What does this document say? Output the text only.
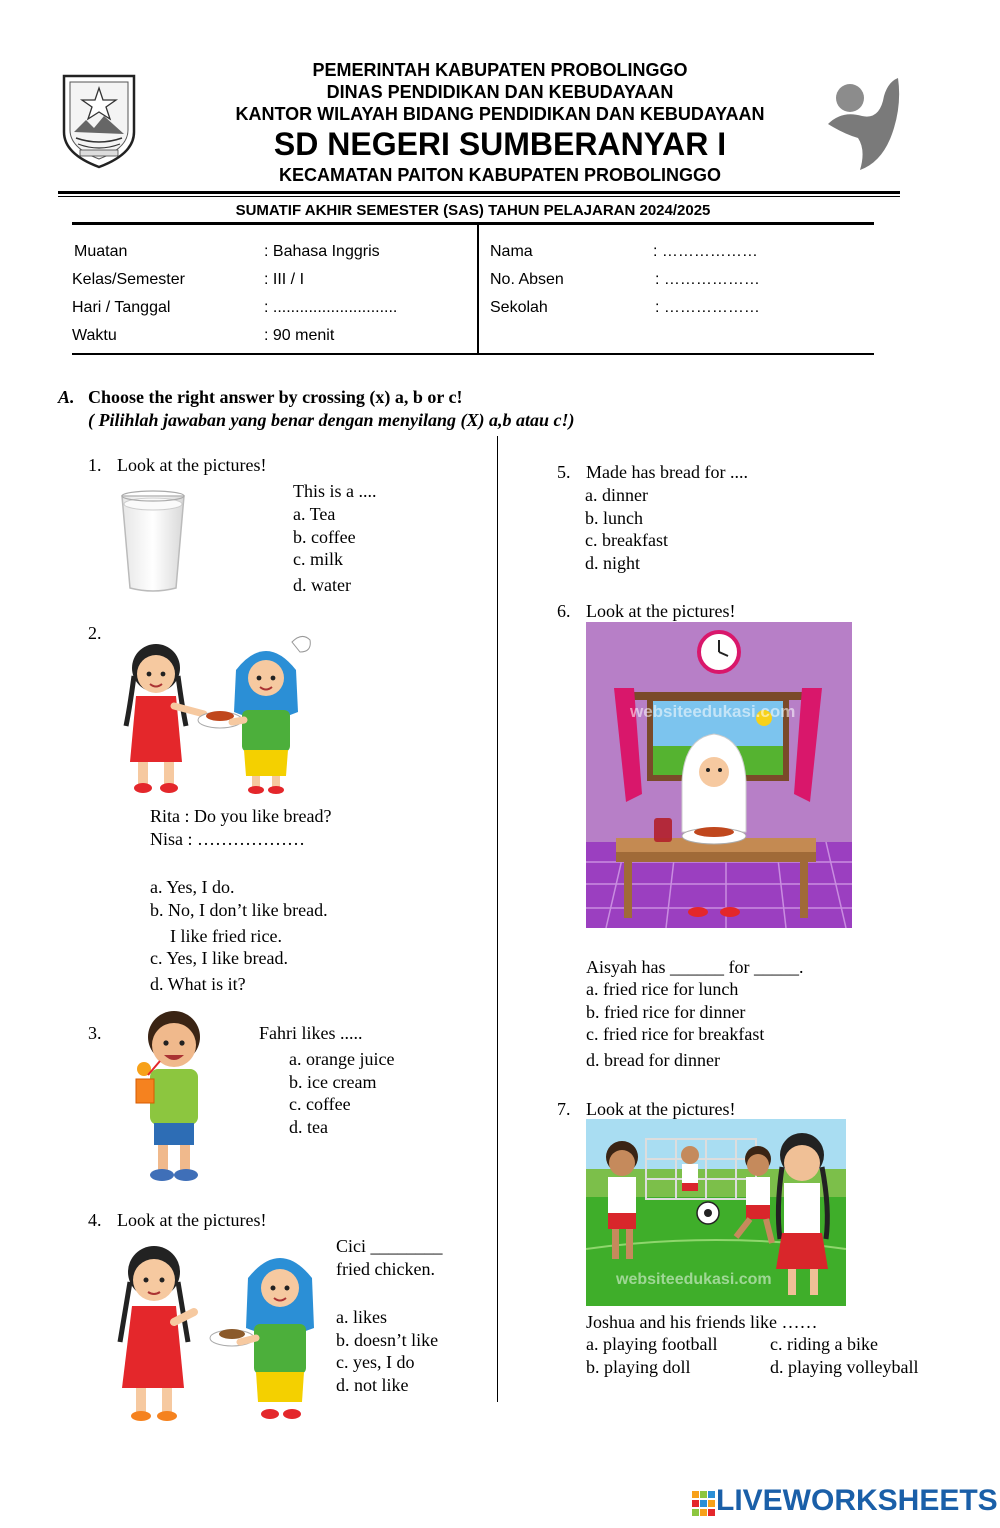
PEMERINTAH KABUPATEN PROBOLINGGO
DINAS PENDIDIKAN DAN KEBUDAYAAN
KANTOR WILAYAH BIDANG PENDIDIKAN DAN KEBUDAYAAN
SD NEGERI SUMBERANYAR I
KECAMATAN PAITON KABUPATEN PROBOLINGGO
SUMATIF AKHIR SEMESTER (SAS) TAHUN PELAJARAN 2024/2025
Muatan	: Bahasa Inggris
Kelas/Semester	: III / I
Hari / Tanggal	: ............................
Waktu	: 90 menit
Nama	: ………………
No. Absen	: ………………
Sekolah	: ………………
A. Choose the right answer by crossing (x) a, b or c!
( Pilihlah jawaban yang benar dengan menyilang (X) a,b atau c!)
1. Look at the pictures!
This is a ....
a. Tea
b. coffee
c. milk
d. water
2.
Rita : Do you like bread?
Nisa : ………………
a. Yes, I do.
b. No, I don’t like bread.
I like fried rice.
c. Yes, I like bread.
d. What is it?
3.	Fahri likes .....
a. orange juice
b. ice cream
c. coffee
d. tea
4. Look at the pictures!
Cici ________
fried chicken.
a. likes
b. doesn’t like
c. yes, I do
d. not like
5. Made has bread for ....
a. dinner
b. lunch
c. breakfast
d. night
6. Look at the pictures!
websiteedukasi.com
Aisyah has ______ for _____.
a. fried rice for lunch
b. fried rice for dinner
c. fried rice for breakfast
d. bread for dinner
7. Look at the pictures!
websiteedukasi.com
Joshua and his friends like ……
a. playing football	c. riding a bike
b. playing doll	d. playing volleyball
LIVEWORKSHEETS
